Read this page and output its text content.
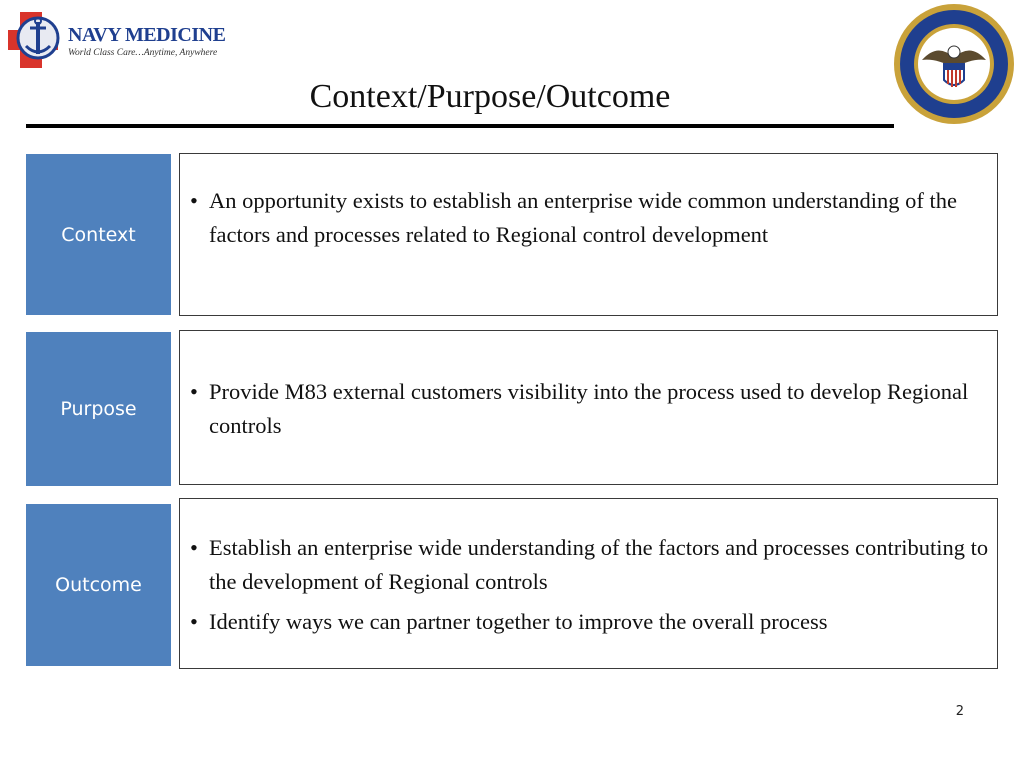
NAVY MEDICINE
World Class Care…Anytime, Anywhere
Context/Purpose/Outcome
Context
• An opportunity exists to establish an enterprise wide common understanding of the factors and processes related to Regional control development
Purpose
• Provide M83 external customers visibility into the process used to develop Regional controls
Outcome
• Establish an enterprise wide understanding of the factors and processes contributing to the development of Regional controls
• Identify ways we can partner together to improve the overall process
2
